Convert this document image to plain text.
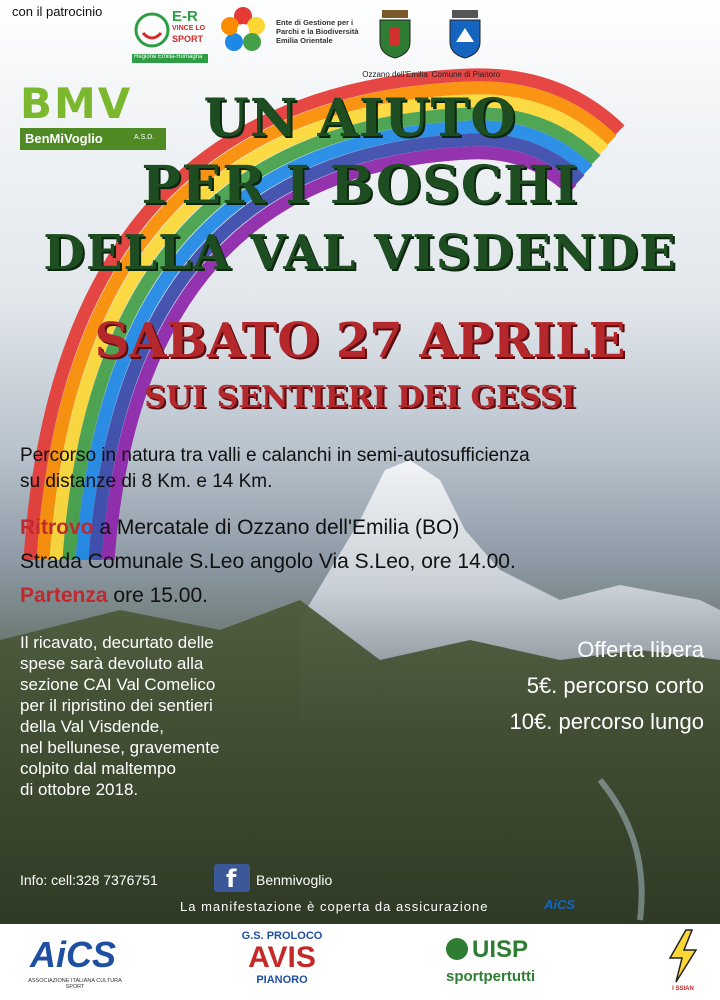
con il patrocinio	E-R
VINCE LO
SPORT
Regione Emilia-Romagna
Ente di Gestione per i Parchi e la Biodiversità Emilia Orientale
Ozzano dell'Emilia Comune di Pianoro
BMV
BenMiVoglio	A.S.D. UN AIUTO
PER I BOSCHI
DELLA VAL VISDENDE
SABATO 27 APRILE
SUI SENTIERI DEI GESSI
Percorso in natura tra valli e calanchi in semi-autosufficienza
su distanze di 8 Km. e 14 Km.
Ritrovo a Mercatale di Ozzano dell'Emilia (BO)
Strada Comunale S.Leo angolo Via S.Leo, ore 14.00.
Partenza ore 15.00.
Il ricavato, decurtato delle
spese sarà devoluto alla
sezione CAI Val Comelico
per il ripristino dei sentieri
della Val Visdende,
nel bellunese, gravemente
colpito dal maltempo
di ottobre 2018.
Offerta libera
5€. percorso corto
10€. percorso lungo
Info: cell:328 7376751	f Benmivoglio
La manifestazione è coperta da assicurazione	AiCS
AiCS
ASSOCIAZIONE ITALIANA CULTURA SPORT
G.S. PROLOCO
AVIS
PIANORO
UISP
sportpertutti
I SSIAN
